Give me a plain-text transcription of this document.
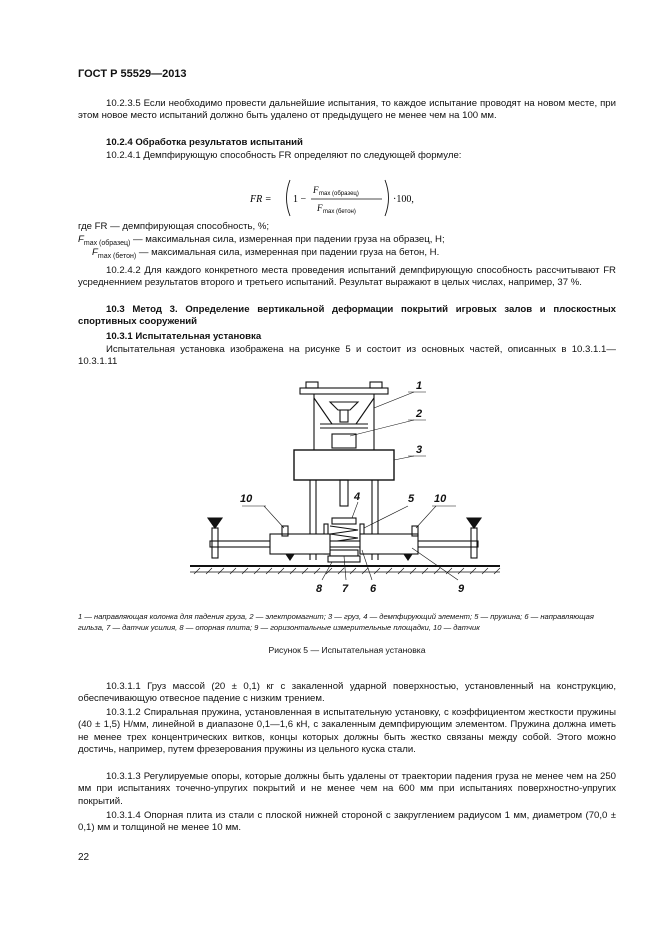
ГОСТ Р 55529—2013
10.2.3.5 Если необходимо провести дальнейшие испытания, то каждое испытание проводят на новом месте, при этом новое место испытаний должно быть удалено от предыдущего не менее чем на 100 мм.
10.2.4 Обработка результатов испытаний
10.2.4.1 Демпфирующую способность FR определяют по следующей формуле:
FR = 1 −
F max (образец)
F max (бетон)
·100,
где FR — демпфирующая способность, %;
$F_{max (образец)}$ — максимальная сила, измеренная при падении груза на образец, Н;
$F_{max (бетон)}$ — максимальная сила, измеренная при падении груза на бетон, Н.
10.2.4.2 Для каждого конкретного места проведения испытаний демпфирующую способность рассчитывают FR усредненнием результатов второго и третьего испытаний. Результат выражают в целых числах, например, 37 %.
10.3 Метод 3. Определение вертикальной деформации покрытий игровых залов и плоскостных спортивных сооружений
10.3.1 Испытательная установка
Испытательная установка изображена на рисунке 5 и состоит из основных частей, описанных в 10.3.1.1—10.3.1.11
1
2
3
4	5
6
7
8	9
10	10
1 — направляющая колонка для падения груза, 2 — электромагнит; 3 — груз, 4 — демпфирующий элемент; 5 — пружина; 6 — направляющая гильза, 7 — датчик усилия, 8 — опорная плита; 9 — горизонтальные измерительные площадки, 10 — датчик
Рисунок 5 — Испытательная установка
10.3.1.1 Груз массой (20 ± 0,1) кг с закаленной ударной поверхностью, установленный на конструкцию, обеспечивающую отвесное падение с низким трением.
10.3.1.2 Спиральная пружина, установленная в испытательную установку, с коэффициентом жесткости пружины (40 ± 1,5) Н/мм, линейной в диапазоне 0,1—1,6 кН, с закаленным демпфирующим элементом. Пружина должна иметь не менее трех концентрических витков, концы которых должны быть жестко связаны между собой. Этого можно достичь, например, путем фрезерования пружины из цельного куска стали.
10.3.1.3 Регулируемые опоры, которые должны быть удалены от траектории падения груза не менее чем на 250 мм при испытаниях точечно-упругих покрытий и не менее чем на 600 мм при испытаниях поверхностно-упругих покрытий.
10.3.1.4 Опорная плита из стали с плоской нижней стороной с закруглением радиусом 1 мм, диаметром (70,0 ± 0,1) мм и толщиной не менее 10 мм.
22
